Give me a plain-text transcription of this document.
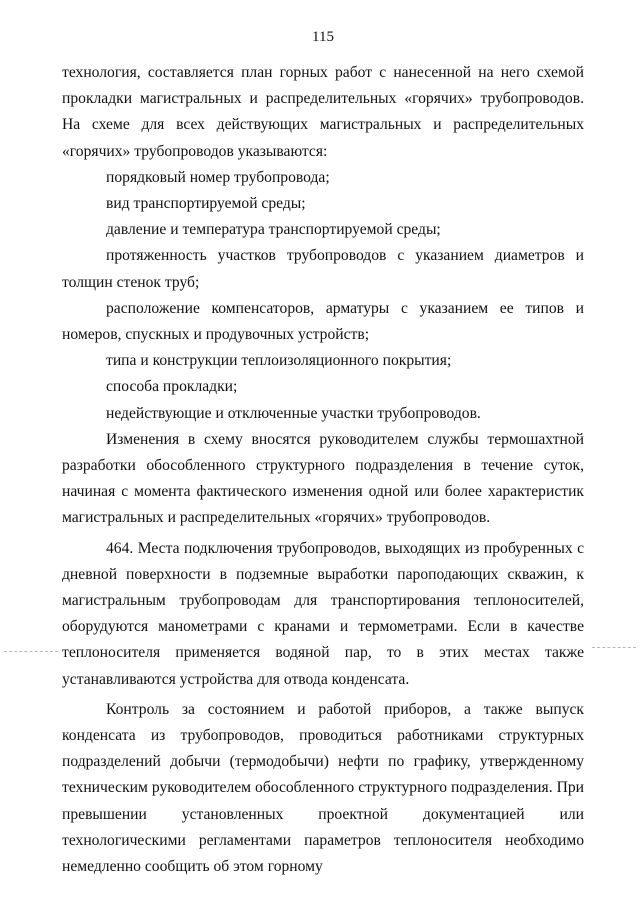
115

технология, составляется план горных работ с нанесенной на него схемой прокладки магистральных и распределительных «горячих» трубопроводов. На схеме для всех действующих магистральных и распределительных «горячих» трубопроводов указываются:

порядковый номер трубопровода;

вид транспортируемой среды;

давление и температура транспортируемой среды;

протяженность участков трубопроводов с указанием диаметров и толщин стенок труб;

расположение компенсаторов, арматуры с указанием ее типов и номеров, спускных и продувочных устройств;

типа и конструкции теплоизоляционного покрытия;

способа прокладки;

недействующие и отключенные участки трубопроводов.

Изменения в схему вносятся руководителем службы термошахтной разработки обособленного структурного подразделения в течение суток, начиная с момента фактического изменения одной или более характеристик магистральных и распределительных «горячих» трубопроводов.

464. Места подключения трубопроводов, выходящих из пробуренных с дневной поверхности в подземные выработки пароподающих скважин, к магистральным трубопроводам для транспортирования теплоносителей, оборудуются манометрами с кранами и термометрами. Если в качестве теплоносителя применяется водяной пар, то в этих местах также устанавливаются устройства для отвода конденсата.

Контроль за состоянием и работой приборов, а также выпуск конденсата из трубопроводов, проводиться работниками структурных подразделений добычи (термодобычи) нефти по графику, утвержденному техническим руководителем обособленного структурного подразделения. При превышении установленных проектной документацией или технологическими регламентами параметров теплоносителя необходимо немедленно сообщить об этом горному
